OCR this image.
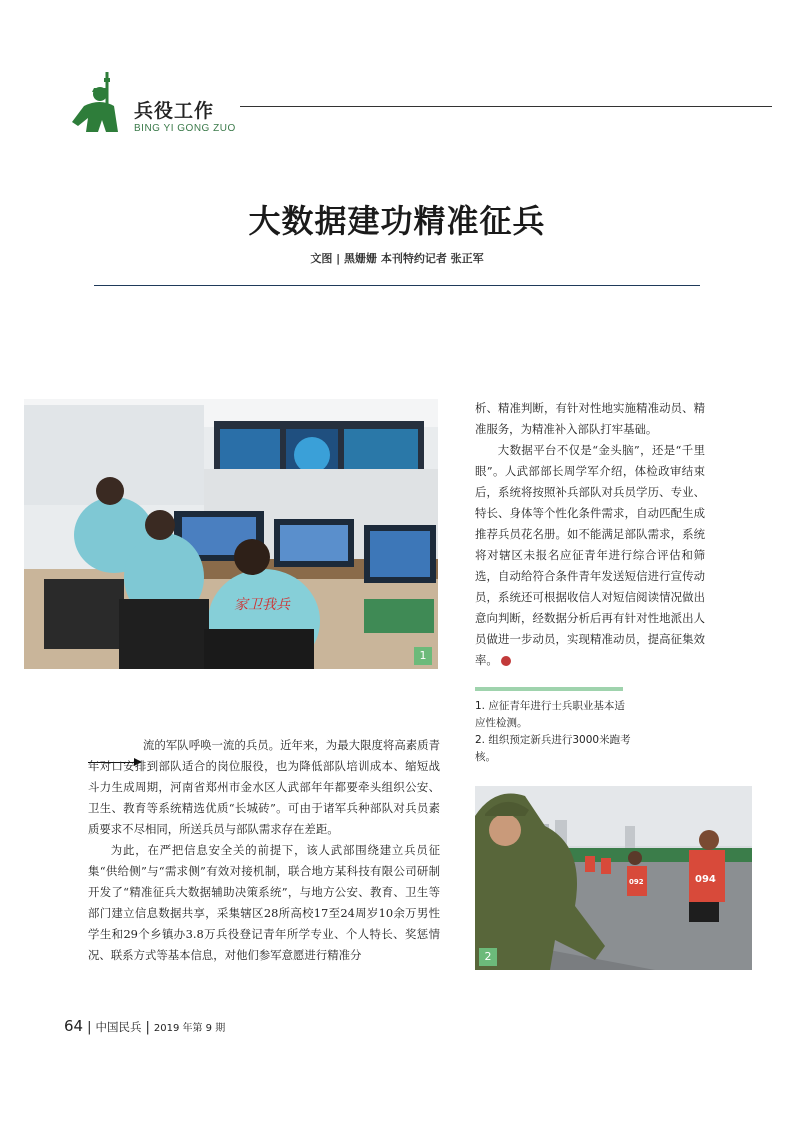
兵役工作
BING YI GONG ZUO
大数据建功精准征兵
文图 | 黑姗姗 本刊特约记者 张正军
家卫我兵
1

析、精准判断，有针对性地实施精准动员、精准服务，为精准补入部队打牢基础。

大数据平台不仅是“金头脑”，还是“千里眼”。人武部部长周学军介绍，体检政审结束后，系统将按照补兵部队对兵员学历、专业、特长、身体等个性化条件需求，自动匹配生成推荐兵员花名册。如不能满足部队需求，系统将对辖区未报名应征青年进行综合评估和筛选，自动给符合条件青年发送短信进行宣传动员，系统还可根据收信人对短信阅读情况做出意向判断，经数据分析后再有针对性地派出人员做进一步动员，实现精准动员，提高征集效率。

1. 应征青年进行士兵职业基本适应性检测。
2. 组织预定新兵进行3000米跑考核。
094
092
2

流的军队呼唤一流的兵员。近年来，为最大限度将高素质青年对口安排到部队适合的岗位服役，也为降低部队培训成本、缩短战斗力生成周期，河南省郑州市金水区人武部年年都要牵头组织公安、卫生、教育等系统精选优质“长城砖”。可由于诸军兵种部队对兵员素质要求不尽相同，所送兵员与部队需求存在差距。

为此，在严把信息安全关的前提下，该人武部围绕建立兵员征集“供给侧”与“需求侧”有效对接机制，联合地方某科技有限公司研制开发了“精准征兵大数据辅助决策系统”，与地方公安、教育、卫生等部门建立信息数据共享，采集辖区28所高校17至24周岁10余万男性学生和29个乡镇办3.8万兵役登记青年所学专业、个人特长、奖惩情况、联系方式等基本信息，对他们参军意愿进行精准分

64 | 中国民兵 | 2019 年第 9 期
